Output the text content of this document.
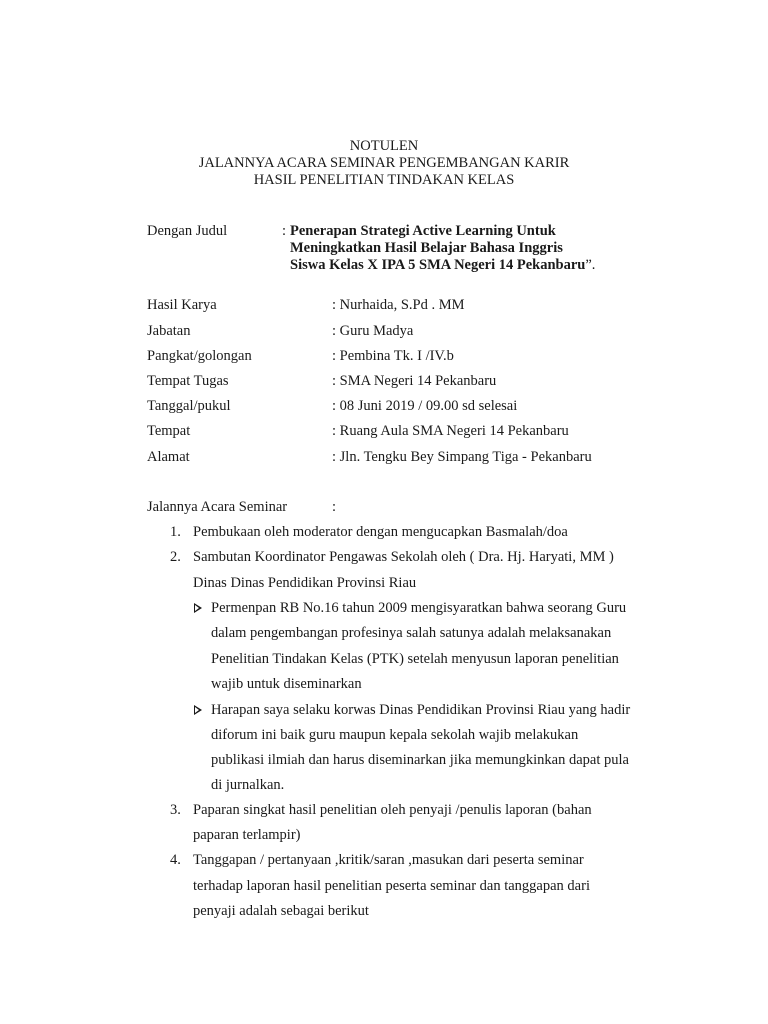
NOTULEN
JALANNYA ACARA SEMINAR PENGEMBANGAN KARIR
HASIL PENELITIAN TINDAKAN KELAS
Dengan Judul	: Penerapan Strategi Active Learning Untuk
Meningkatkan Hasil Belajar Bahasa Inggris
Siswa Kelas X IPA 5 SMA Negeri 14 Pekanbaru”.
Hasil Karya	: Nurhaida, S.Pd . MM
Jabatan	: Guru Madya
Pangkat/golongan	: Pembina Tk. I /IV.b
Tempat Tugas	: SMA Negeri 14 Pekanbaru
Tanggal/pukul	: 08 Juni 2019 / 09.00 sd selesai
Tempat	: Ruang Aula SMA Negeri 14 Pekanbaru
Alamat	: Jln. Tengku Bey Simpang Tiga - Pekanbaru
Jalannya Acara Seminar	:
1. Pembukaan oleh moderator dengan mengucapkan Basmalah/doa
2. Sambutan Koordinator Pengawas Sekolah oleh ( Dra. Hj. Haryati, MM )
Dinas Dinas Pendidikan Provinsi Riau
Permenpan RB No.16 tahun 2009 mengisyaratkan bahwa seorang Guru
dalam pengembangan profesinya salah satunya adalah melaksanakan
Penelitian Tindakan Kelas (PTK) setelah menyusun laporan penelitian
wajib untuk diseminarkan
Harapan saya selaku korwas Dinas Pendidikan Provinsi Riau yang hadir
diforum ini baik guru maupun kepala sekolah wajib melakukan
publikasi ilmiah dan harus diseminarkan jika memungkinkan dapat pula
di jurnalkan.
3. Paparan singkat hasil penelitian oleh penyaji /penulis laporan (bahan
paparan terlampir)
4. Tanggapan / pertanyaan ,kritik/saran ,masukan dari peserta seminar
terhadap laporan hasil penelitian peserta seminar dan tanggapan dari
penyaji adalah sebagai berikut
